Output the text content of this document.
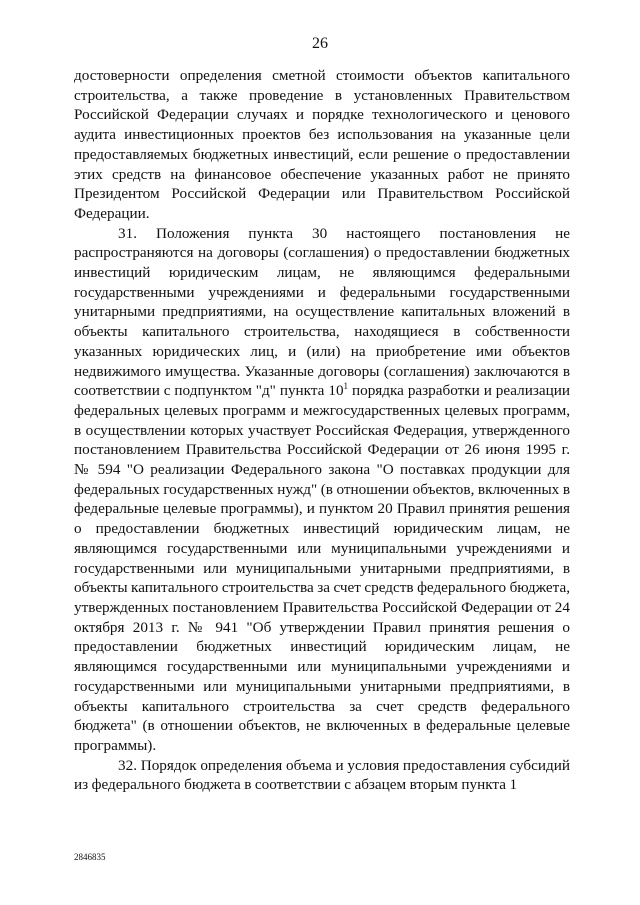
26

достоверности определения сметной стоимости объектов капитального строительства, а также проведение в установленных Правительством Российской Федерации случаях и порядке технологического и ценового аудита инвестиционных проектов без использования на указанные цели предоставляемых бюджетных инвестиций, если решение о предоставлении этих средств на финансовое обеспечение указанных работ не принято Президентом Российской Федерации или Правительством Российской Федерации.

31. Положения пункта 30 настоящего постановления не распространяются на договоры (соглашения) о предоставлении бюджетных инвестиций юридическим лицам, не являющимся федеральными государственными учреждениями и федеральными государственными унитарными предприятиями, на осуществление капитальных вложений в объекты капитального строительства, находящиеся в собственности указанных юридических лиц, и (или) на приобретение ими объектов недвижимого имущества. Указанные договоры (соглашения) заключаются в соответствии с подпунктом "д" пункта $10^1$ порядка разработки и реализации федеральных целевых программ и межгосударственных целевых программ, в осуществлении которых участвует Российская Федерация, утвержденного постановлением Правительства Российской Федерации от 26 июня 1995 г. № 594 "О реализации Федерального закона "О поставках продукции для федеральных государственных нужд" (в отношении объектов, включенных в федеральные целевые программы), и пунктом 20 Правил принятия решения о предоставлении бюджетных инвестиций юридическим лицам, не являющимся государственными или муниципальными учреждениями и государственными или муниципальными унитарными предприятиями, в объекты капитального строительства за счет средств федерального бюджета, утвержденных постановлением Правительства Российской Федерации от 24 октября 2013 г. № 941 "Об утверждении Правил принятия решения о предоставлении бюджетных инвестиций юридическим лицам, не являющимся государственными или муниципальными учреждениями и государственными или муниципальными унитарными предприятиями, в объекты капитального строительства за счет средств федерального бюджета" (в отношении объектов, не включенных в федеральные целевые программы).

32. Порядок определения объема и условия предоставления субсидий из федерального бюджета в соответствии с абзацем вторым пункта 1

2846835
